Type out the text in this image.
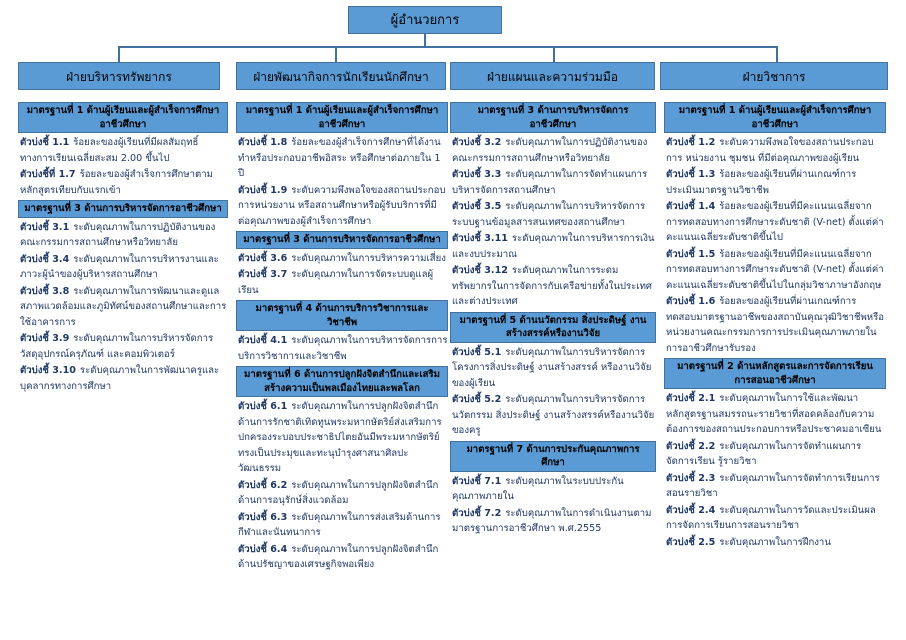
ผู้อำนวยการ
ฝ่ายบริหารทรัพยากร	ฝ่ายพัฒนากิจการนักเรียนนักศึกษา	ฝ่ายแผนและความร่วมมือ	ฝ่ายวิชาการ
มาตรฐานที่ 1 ด้านผู้เรียนและผู้สำเร็จการศึกษาอาชีวศึกษา
ตัวบ่งชี้ 1.1 ร้อยละของผู้เรียนที่มีผลสัมฤทธิ์ทางการเรียนเฉลี่ยสะสม 2.00 ขึ้นไป
ตัวบ่งชี้ที่ 1.7 ร้อยละของผู้สำเร็จการศึกษาตามหลักสูตรเทียบกับแรกเข้า
มาตรฐานที่ 3 ด้านการบริหารจัดการอาชีวศึกษา
ตัวบ่งชี้ 3.1 ระดับคุณภาพในการปฏิบัติงานของคณะกรรมการสถานศึกษาหรือวิทยาลัย
ตัวบ่งชี้ 3.4 ระดับคุณภาพในการบริหารงานและภาวะผู้นำของผู้บริหารสถานศึกษา
ตัวบ่งชี้ 3.8 ระดับคุณภาพในการพัฒนาและดูแลสภาพแวดล้อมและภูมิทัศน์ของสถานศึกษาและการใช้อาคารการ
ตัวบ่งชี้ 3.9 ระดับคุณภาพในการบริหารจัดการวัสดุอุปกรณ์ครุภัณฑ์ และคอมพิวเตอร์
ตัวบ่งชี้ 3.10 ระดับคุณภาพในการพัฒนาครูและบุคลากรทางการศึกษา
มาตรฐานที่ 1 ด้านผู้เรียนและผู้สำเร็จการศึกษาอาชีวศึกษา
ตัวบ่งชี้ 1.8 ร้อยละของผู้สำเร็จการศึกษาที่ได้งานทำหรือประกอบอาชีพอิสระ หรือศึกษาต่อภายใน 1 ปี
ตัวบ่งชี้ 1.9 ระดับความพึงพอใจของสถานประกอบการหน่วยงาน หรือสถานศึกษาหรือผู้รับบริการที่มีต่อคุณภาพของผู้สำเร็จการศึกษา
มาตรฐานที่ 3 ด้านการบริหารจัดการอาชีวศึกษา
ตัวบ่งชี้ 3.6 ระดับคุณภาพในการบริหารความเสี่ยง
ตัวบ่งชี้ 3.7 ระดับคุณภาพในการจัดระบบดูแลผู้เรียน
มาตรฐานที่ 4 ด้านการบริการวิชาการและวิชาชีพ
ตัวบ่งชี้ 4.1 ระดับคุณภาพในการบริหารจัดการการบริการวิชาการและวิชาชีพ
มาตรฐานที่ 6 ด้านการปลูกฝังจิตสำนึกและเสริมสร้างความเป็นพลเมืองไทยและพลโลก
ตัวบ่งชี้ 6.1 ระดับคุณภาพในการปลูกฝังจิตสำนึกด้านการรักชาติเทิดทูนพระมหากษัตริย์ส่งเสริมการปกครองระบอบประชาธิปไตยอันมีพระมหากษัตริย์ทรงเป็นประมุขและทะนุบำรุงศาสนาศิลปะวัฒนธรรม
ตัวบ่งชี้ 6.2 ระดับคุณภาพในการปลูกฝังจิตสำนึกด้านการอนุรักษ์สิ่งแวดล้อม
ตัวบ่งชี้ 6.3 ระดับคุณภาพในการส่งเสริมด้านการกีฬาและนันทนาการ
ตัวบ่งชี้ 6.4 ระดับคุณภาพในการปลูกฝังจิตสำนึกด้านปรัชญาของเศรษฐกิจพอเพียง
มาตรฐานที่ 3 ด้านการบริหารจัดการอาชีวศึกษา
ตัวบ่งชี้ 3.2 ระดับคุณภาพในการปฏิบัติงานของคณะกรรมการสถานศึกษาหรือวิทยาลัย
ตัวบ่งชี้ 3.3 ระดับคุณภาพในการจัดทำแผนการบริหารจัดการสถานศึกษา
ตัวบ่งชี้ 3.5 ระดับคุณภาพในการบริหารจัดการระบบฐานข้อมูลสารสนเทศของสถานศึกษา
ตัวบ่งชี้ 3.11 ระดับคุณภาพในการบริหารการเงินและงบประมาณ
ตัวบ่งชี้ 3.12 ระดับคุณภาพในการระดมทรัพยากรในการจัดการกับเครือข่ายทั้งในประเทศและต่างประเทศ
มาตรฐานที่ 5 ด้านนวัตกรรม สิ่งประดิษฐ์ งานสร้างสรรค์หรืองานวิจัย
ตัวบ่งชี้ 5.1 ระดับคุณภาพในการบริหารจัดการโครงการสิ่งประดิษฐ์ งานสร้างสรรค์ หรืองานวิจัยของผู้เรียน
ตัวบ่งชี้ 5.2 ระดับคุณภาพในการบริหารจัดการนวัตกรรม สิ่งประดิษฐ์ งานสร้างสรรค์หรืองานวิจัยของครู
มาตรฐานที่ 7 ด้านการประกันคุณภาพการศึกษา
ตัวบ่งชี้ 7.1 ระดับคุณภาพในระบบประกันคุณภาพภายใน
ตัวบ่งชี้ 7.2 ระดับคุณภาพในการดำเนินงานตามมาตรฐานการอาชีวศึกษา พ.ศ.2555
มาตรฐานที่ 1 ด้านผู้เรียนและผู้สำเร็จการศึกษาอาชีวศึกษา
ตัวบ่งชี้ 1.2 ระดับความพึงพอใจของสถานประกอบการ หน่วยงาน ชุมชน ที่มีต่อคุณภาพของผู้เรียน
ตัวบ่งชี้ 1.3 ร้อยละของผู้เรียนที่ผ่านเกณฑ์การประเมินมาตรฐานวิชาชีพ
ตัวบ่งชี้ 1.4 ร้อยละของผู้เรียนที่มีคะแนนเฉลี่ยจากการทดสอบทางการศึกษาระดับชาติ (V-net) ตั้งแต่ค่าคะแนนเฉลี่ยระดับชาติขึ้นไป
ตัวบ่งชี้ 1.5 ร้อยละของผู้เรียนที่มีคะแนนเฉลี่ยจากการทดสอบทางการศึกษาระดับชาติ (V-net) ตั้งแต่ค่าคะแนนเฉลี่ยระดับชาติขึ้นไปในกลุ่มวิชาภาษาอังกฤษ
ตัวบ่งชี้ 1.6 ร้อยละของผู้เรียนที่ผ่านเกณฑ์การทดสอบมาตรฐานอาชีพของสถาบันคุณวุฒิวิชาชีพหรือหน่วยงานคณะกรรมการการประเมินคุณภาพภายในการอาชีวศึกษารับรอง
มาตรฐานที่ 2 ด้านหลักสูตรและการจัดการเรียนการสอนอาชีวศึกษา
ตัวบ่งชี้ 2.1 ระดับคุณภาพในการใช้และพัฒนาหลักสูตรฐานสมรรถนะรายวิชาที่สอดคล้องกับความต้องการของสถานประกอบการหรือประชาคมอาเซียน
ตัวบ่งชี้ 2.2 ระดับคุณภาพในการจัดทำแผนการจัดการเรียน รู้รายวิชา
ตัวบ่งชี้ 2.3 ระดับคุณภาพในการจัดทำการเรียนการสอนรายวิชา
ตัวบ่งชี้ 2.4 ระดับคุณภาพในการวัดและประเมินผลการจัดการเรียนการสอนรายวิชา
ตัวบ่งชี้ 2.5 ระดับคุณภาพในการฝึกงาน
